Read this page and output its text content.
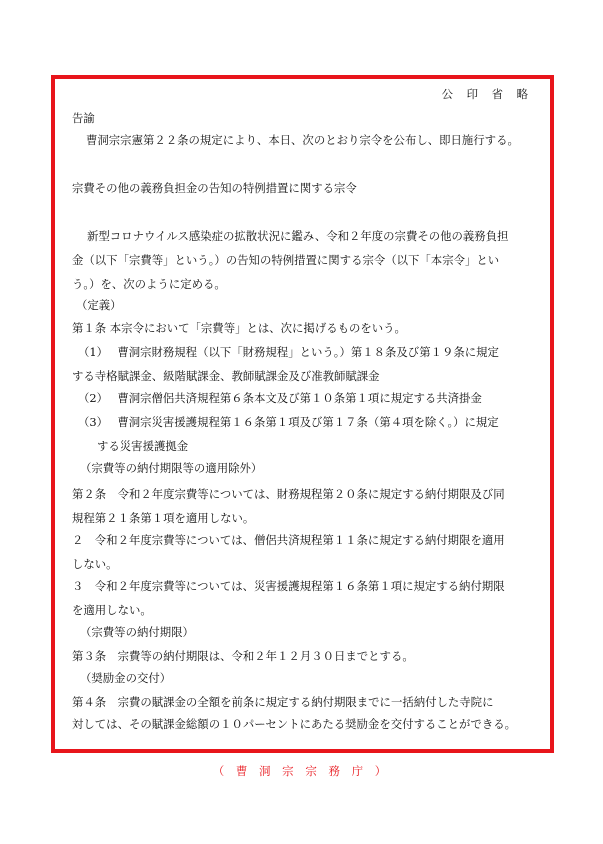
公 印 省 略
告諭
曹洞宗宗憲第２２条の規定により、本日、次のとおり宗令を公布し、即日施行する。
宗費その他の義務負担金の告知の特例措置に関する宗令
新型コロナウイルス感染症の拡散状況に鑑み、令和２年度の宗費その他の義務負担
金（以下「宗費等」という。）の告知の特例措置に関する宗令（以下「本宗令」とい
う。）を、次のように定める。
（定義）
第１条 本宗令において「宗費等」とは、次に掲げるものをいう。
（1）　 曹洞宗財務規程（以下「財務規程」という。）第１８条及び第１９条に規定
する寺格賦課金、級階賦課金、教師賦課金及び准教師賦課金
（2）　 曹洞宗僧侶共済規程第６条本文及び第１０条第１項に規定する共済掛金
（3）　 曹洞宗災害援護規程第１６条第１項及び第１７条（第４項を除く。）に規定
する災害援護拠金
（宗費等の納付期限等の適用除外）
第２条　令和２年度宗費等については、財務規程第２０条に規定する納付期限及び同
規程第２１条第１項を適用しない。
２　令和２年度宗費等については、僧侶共済規程第１１条に規定する納付期限を適用
しない。
３　令和２年度宗費等については、災害援護規程第１６条第１項に規定する納付期限
を適用しない。
（宗費等の納付期限）
第３条　宗費等の納付期限は、令和２年１２月３０日までとする。
（奨励金の交付）
第４条　宗費の賦課金の全額を前条に規定する納付期限までに一括納付した寺院に
対しては、その賦課金総額の１０パーセントにあたる奨励金を交付することができる。
（ 曹 洞 宗 宗 務 庁 ）
